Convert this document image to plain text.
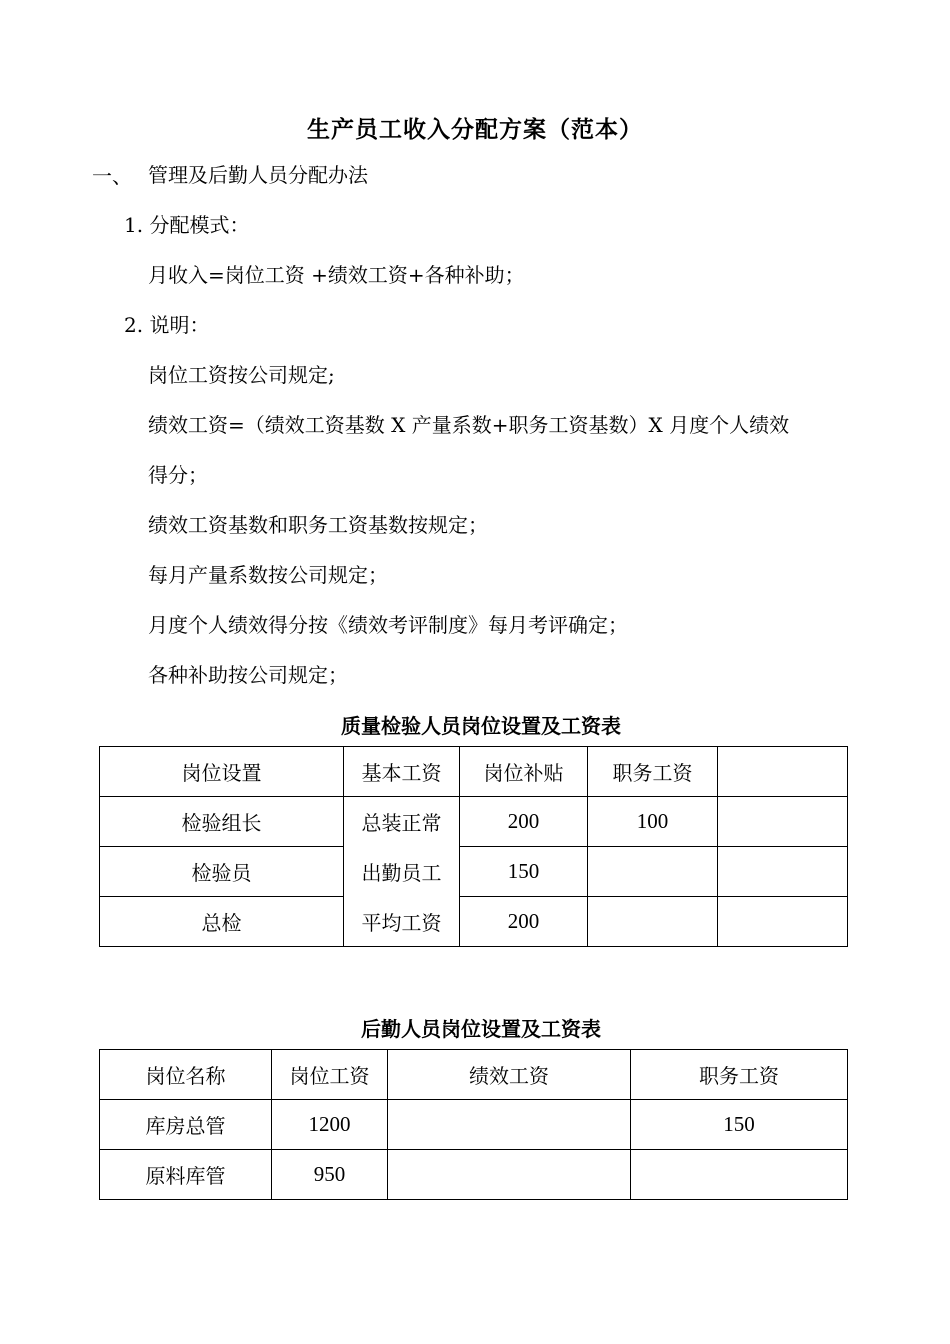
生产员工收入分配方案（范本）
一、 管理及后勤人员分配办法
1. 分配模式：
月收入=岗位工资 +绩效工资+各种补助；
2. 说明：
岗位工资按公司规定;
绩效工资=（绩效工资基数 X 产量系数+职务工资基数）X 月度个人绩效
得分；
绩效工资基数和职务工资基数按规定；
每月产量系数按公司规定；
月度个人绩效得分按《绩效考评制度》每月考评确定；
各种补助按公司规定；
质量检验人员岗位设置及工资表
岗位设置	基本工资	岗位补贴	职务工资	
检验组长	总装正常	200	100	
检验员	出勤员工	150		
总检	平均工资	200		
后勤人员岗位设置及工资表
岗位名称	岗位工资	绩效工资	职务工资
库房总管	1200		150
原料库管	950		
